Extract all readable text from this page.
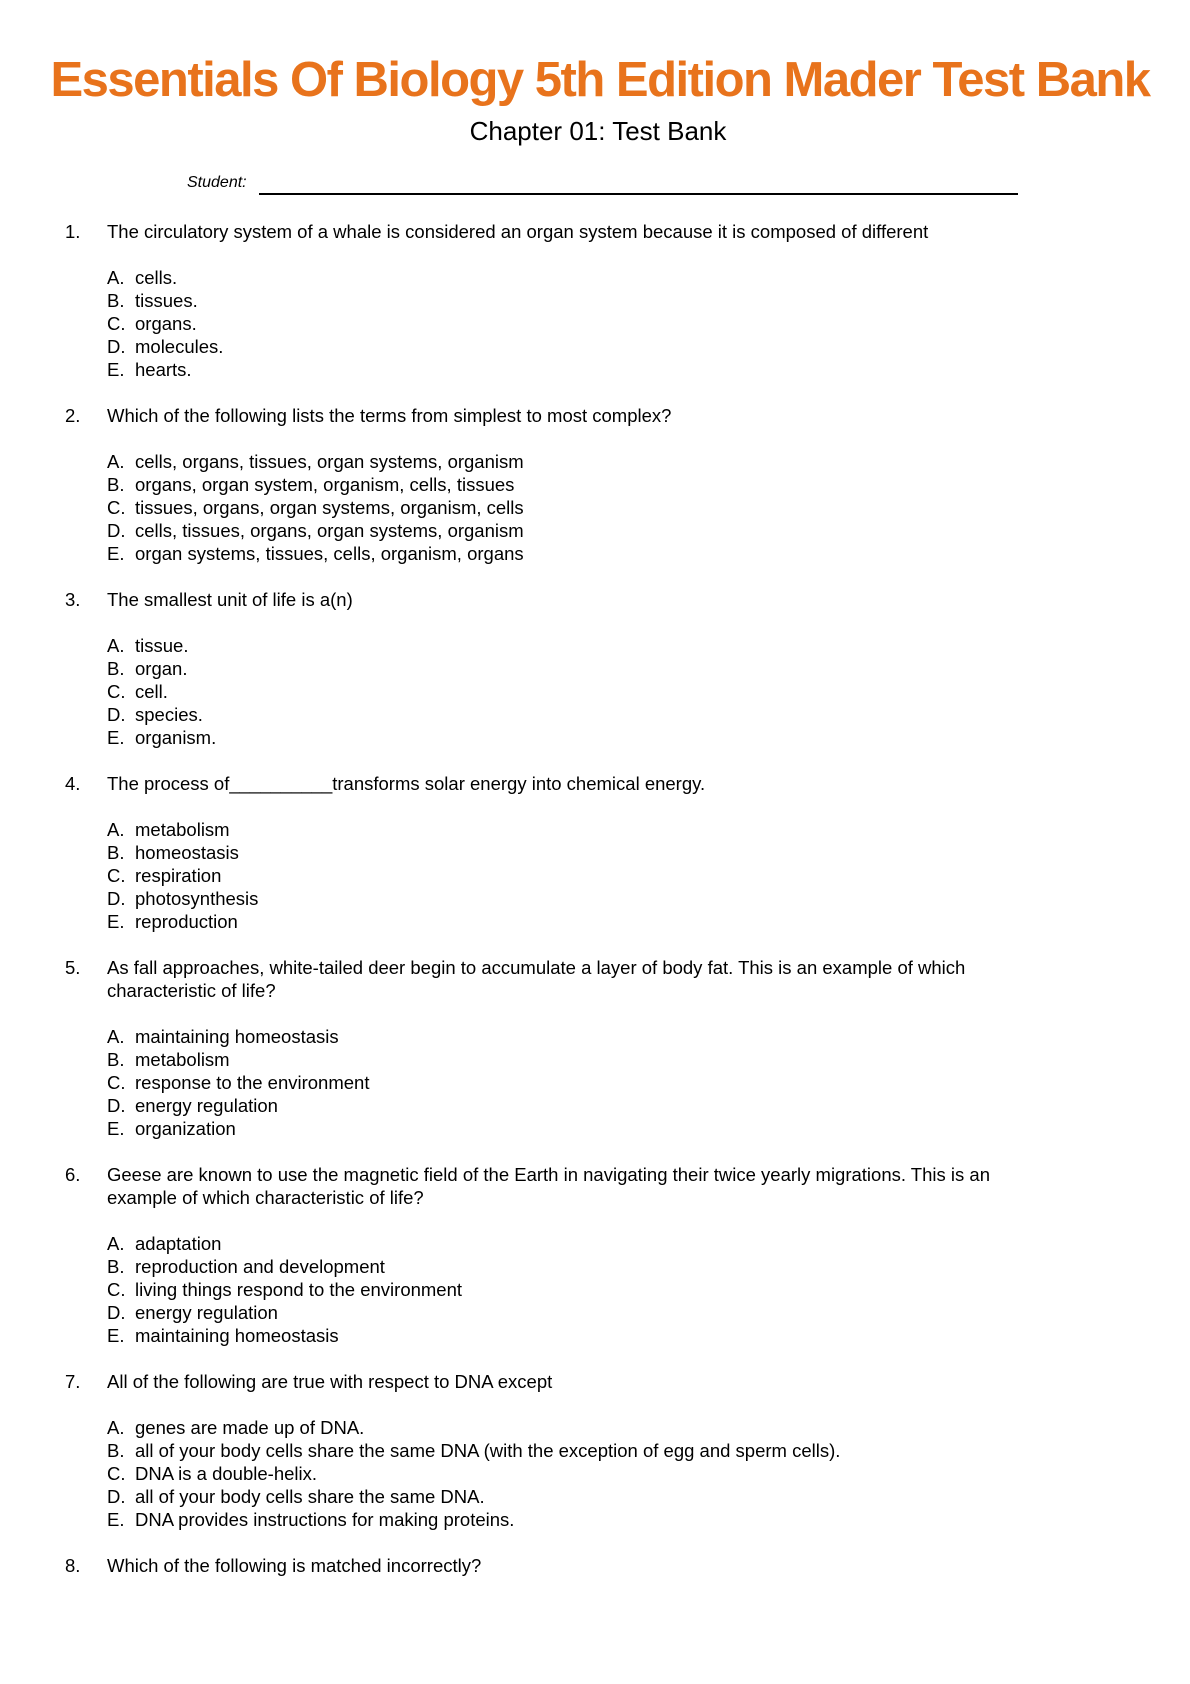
Essentials Of Biology 5th Edition Mader Test Bank
Chapter 01: Test Bank
Student:
1. The circulatory system of a whale is considered an organ system because it is composed of different
A. cells.
B. tissues.
C. organs.
D. molecules.
E. hearts.
2. Which of the following lists the terms from simplest to most complex?
A. cells, organs, tissues, organ systems, organism
B. organs, organ system, organism, cells, tissues
C. tissues, organs, organ systems, organism, cells
D. cells, tissues, organs, organ systems, organism
E. organ systems, tissues, cells, organism, organs
3. The smallest unit of life is a(n)
A. tissue.
B. organ.
C. cell.
D. species.
E. organism.
4. The process of__________transforms solar energy into chemical energy.
A. metabolism
B. homeostasis
C. respiration
D. photosynthesis
E. reproduction
5. As fall approaches, white-tailed deer begin to accumulate a layer of body fat. This is an example of which characteristic of life?
A. maintaining homeostasis
B. metabolism
C. response to the environment
D. energy regulation
E. organization
6. Geese are known to use the magnetic field of the Earth in navigating their twice yearly migrations. This is an example of which characteristic of life?
A. adaptation
B. reproduction and development
C. living things respond to the environment
D. energy regulation
E. maintaining homeostasis
7. All of the following are true with respect to DNA except
A. genes are made up of DNA.
B. all of your body cells share the same DNA (with the exception of egg and sperm cells).
C. DNA is a double-helix.
D. all of your body cells share the same DNA.
E. DNA provides instructions for making proteins.
8. Which of the following is matched incorrectly?
